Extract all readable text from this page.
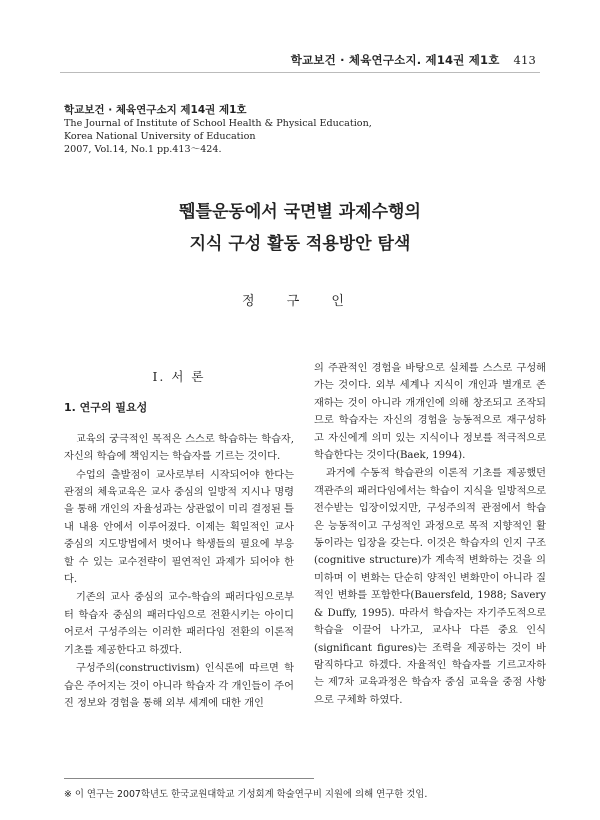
학교보건 · 체육연구소지. 제14권 제1호 413
학교보건 · 체육연구소지 제14권 제1호
The Journal of Institute of School Health & Physical Education,
Korea National University of Education
2007, Vol.14, No.1 pp.413～424.
뛥틀운동에서 국면별 과제수행의
지식 구성 활동 적용방안 탐색
정 구 인
Ⅰ. 서 론
1. 연구의 필요성

교육의 궁극적인 목적은 스스로 학습하는 학습자, 자신의 학습에 책임지는 학습자를 기르는 것이다.

수업의 출발점이 교사로부터 시작되어야 한다는 관점의 체육교육은 교사 중심의 일방적 지시나 명령을 통해 개인의 자율성과는 상관없이 미리 결정된 틀 내 내용 안에서 이루어졌다. 이제는 획일적인 교사 중심의 지도방법에서 벗어나 학생들의 필요에 부응할 수 있는 교수전략이 필연적인 과제가 되어야 한다.

기존의 교사 중심의 교수-학습의 패러다임으로부터 학습자 중심의 패러다임으로 전환시키는 아이디어로서 구성주의는 이러한 패러다임 전환의 이론적 기초를 제공한다고 하겠다.

구성주의(constructivism) 인식론에 따르면 학습은 주어지는 것이 아니라 학습자 각 개인들이 주어진 정보와 경험을 통해 외부 세계에 대한 개인

의 주관적인 경험을 바탕으로 실체를 스스로 구성해 가는 것이다. 외부 세계나 지식이 개인과 별개로 존재하는 것이 아니라 개개인에 의해 창조되고 조작되므로 학습자는 자신의 경험을 능동적으로 재구성하고 자신에게 의미 있는 지식이나 정보를 적극적으로 학습한다는 것이다(Baek, 1994).

과거에 수동적 학습관의 이론적 기초를 제공했던 객관주의 패러다임에서는 학습이 지식을 일방적으로 전수받는 입장이었지만, 구성주의적 관점에서 학습은 능동적이고 구성적인 과정으로 목적 지향적인 활동이라는 입장을 갖는다. 이것은 학습자의 인지 구조(cognitive structure)가 계속적 변화하는 것을 의미하며 이 변화는 단순히 양적인 변화만이 아니라 질적인 변화를 포함한다(Bauersfeld, 1988; Savery & Duffy, 1995). 따라서 학습자는 자기주도적으로 학습을 이끌어 나가고, 교사나 다른 중요 인식(significant figures)는 조력을 제공하는 것이 바람직하다고 하겠다. 자율적인 학습자를 기르고자하는 제7차 교육과정은 학습자 중심 교육을 중점 사항으로 구체화 하였다.

※ 이 연구는 2007학년도 한국교원대학교 기성회계 학술연구비 지원에 의해 연구한 것임.
